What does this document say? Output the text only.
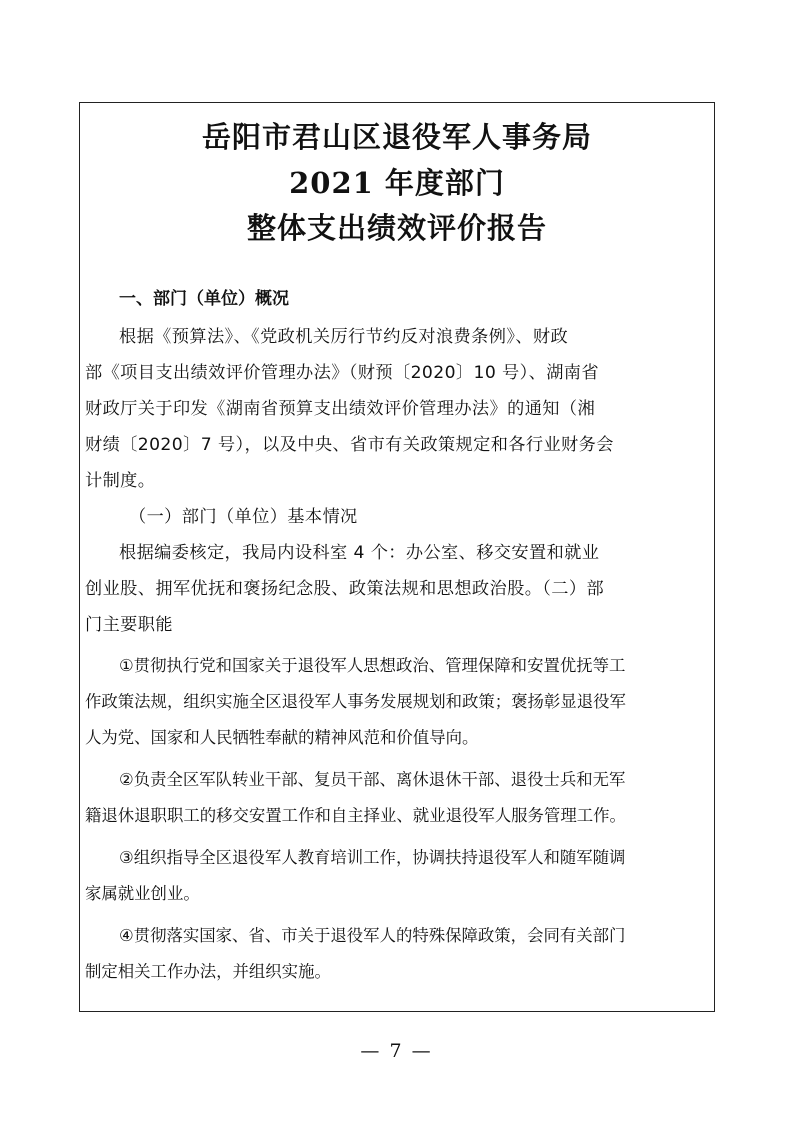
岳阳市君山区退役军人事务局
2021 年度部门
整体支出绩效评价报告
一、部门（单位）概况
根据《预算法》、《党政机关厉行节约反对浪费条例》、财政
部《项目支出绩效评价管理办法》（财预〔2020〕10 号）、湖南省
财政厅关于印发《湖南省预算支出绩效评价管理办法》的通知（湘
财绩〔2020〕7 号），以及中央、省市有关政策规定和各行业财务会
计制度。
（一）部门（单位）基本情况
根据编委核定，我局内设科室 4 个：办公室、移交安置和就业
创业股、拥军优抚和褒扬纪念股、政策法规和思想政治股。（二）部
门主要职能
①贯彻执行党和国家关于退役军人思想政治、管理保障和安置优抚等工
作政策法规，组织实施全区退役军人事务发展规划和政策；褒扬彰显退役军
人为党、国家和人民牺牲奉献的精神风范和价值导向。
②负责全区军队转业干部、复员干部、离休退休干部、退役士兵和无军
籍退休退职职工的移交安置工作和自主择业、就业退役军人服务管理工作。
③组织指导全区退役军人教育培训工作，协调扶持退役军人和随军随调
家属就业创业。
④贯彻落实国家、省、市关于退役军人的特殊保障政策，会同有关部门
制定相关工作办法，并组织实施。
— 7 —
